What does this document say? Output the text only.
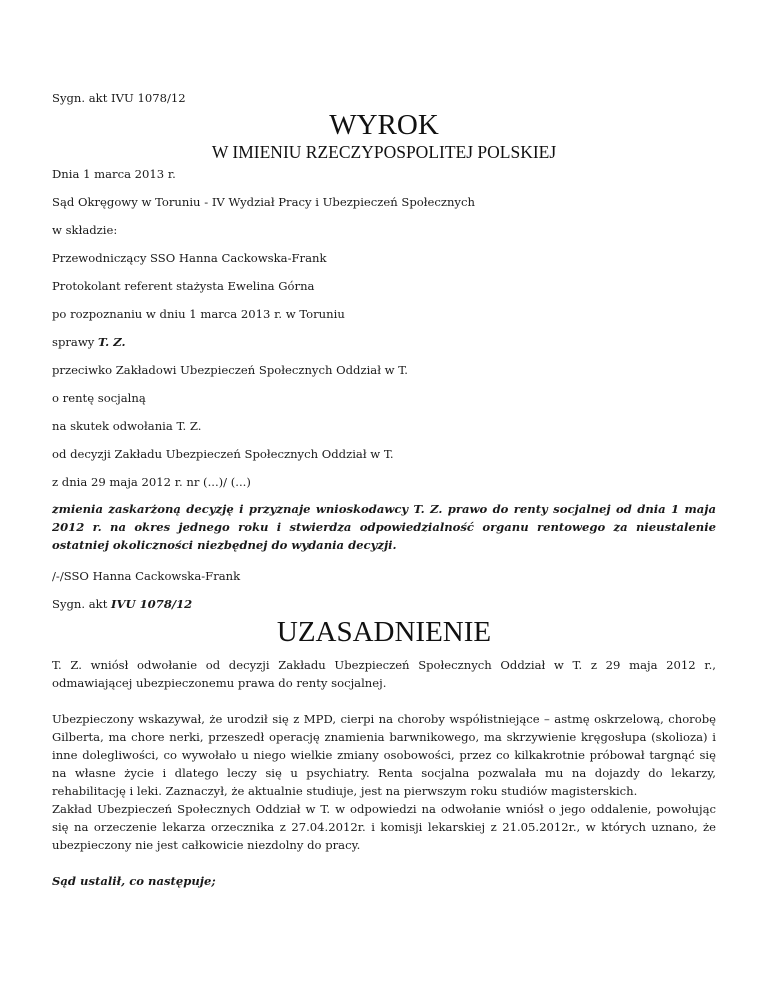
Sygn. akt IVU 1078/12

WYROK
W IMIENIU RZECZYPOSPOLITEJ POLSKIEJ

Dnia 1 marca 2013 r.

Sąd Okręgowy w Toruniu - IV Wydział Pracy i Ubezpieczeń Społecznych

w składzie:

Przewodniczący SSO Hanna Cackowska-Frank

Protokolant referent stażysta Ewelina Górna

po rozpoznaniu w dniu 1 marca 2013 r. w Toruniu

sprawy T. Z.

przeciwko Zakładowi Ubezpieczeń Społecznych Oddział w T.

o rentę socjalną

na skutek odwołania T. Z.

od decyzji Zakładu Ubezpieczeń Społecznych Oddział w T.

z dnia 29 maja 2012 r. nr (...)/ (...)

zmienia zaskarżoną decyzję i przyznaje wnioskodawcy T. Z. prawo do renty socjalnej od dnia 1 maja 2012 r. na okres jednego roku i stwierdza odpowiedzialność organu rentowego za nieustalenie ostatniej okoliczności niezbędnej do wydania decyzji.

/-/SSO Hanna Cackowska-Frank

Sygn. akt IVU 1078/12

UZASADNIENIE

T. Z. wniósł odwołanie od decyzji Zakładu Ubezpieczeń Społecznych Oddział w T. z 29 maja 2012 r., odmawiającej ubezpieczonemu prawa do renty socjalnej.

Ubezpieczony wskazywał, że urodził się z MPD, cierpi na choroby współistniejące – astmę oskrzelową, chorobę Gilberta, ma chore nerki, przeszedł operację znamienia barwnikowego, ma skrzywienie kręgosłupa (skolioza) i inne dolegliwości, co wywołało u niego wielkie zmiany osobowości, przez co kilkakrotnie próbował targnąć się na własne życie i dlatego leczy się u psychiatry. Renta socjalna pozwalała mu na dojazdy do lekarzy, rehabilitację i leki. Zaznaczył, że aktualnie studiuje, jest na pierwszym roku studiów magisterskich.

Zakład Ubezpieczeń Społecznych Oddział w T. w odpowiedzi na odwołanie wniósł o jego oddalenie, powołując się na orzeczenie lekarza orzecznika z 27.04.2012r. i komisji lekarskiej z 21.05.2012r., w których uznano, że ubezpieczony nie jest całkowicie niezdolny do pracy.

Sąd ustalił, co następuje;
